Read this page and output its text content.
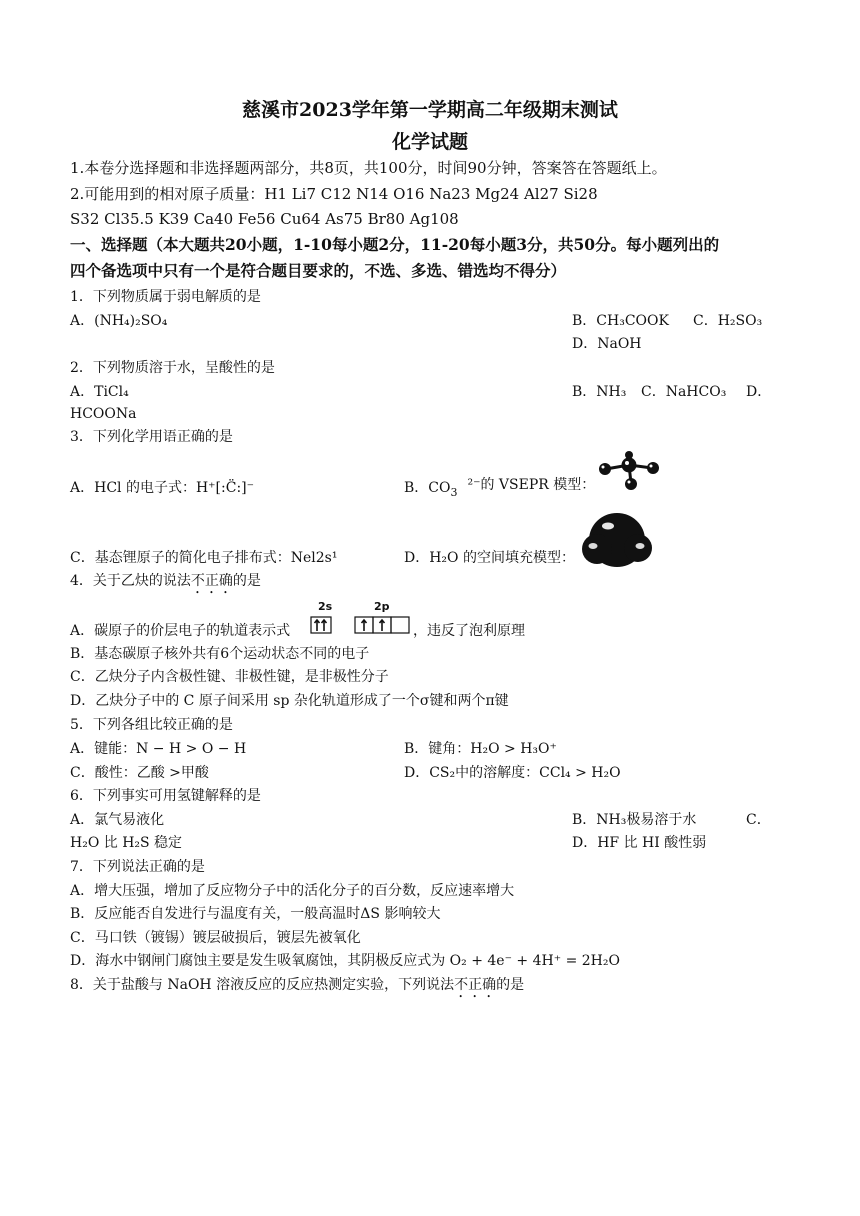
慈溪市2023学年第一学期高二年级期末测试
化学试题
1.本卷分选择题和非选择题两部分，共8页，共100分，时间90分钟，答案答在答题纸上。
2.可能用到的相对原子质量：H1 Li7 C12 N14 O16 Na23 Mg24 Al27 Si28
S32 Cl35.5 K39 Ca40 Fe56 Cu64 As75 Br80 Ag108
一、选择题（本大题共20小题，1-10每小题2分，11-20每小题3分，共50分。每小题列出的
四个备选项中只有一个是符合题目要求的，不选、多选、错选均不得分）
1．下列物质属于弱电解质的是
A．(NH₄)₂SO₄	B．CH₃COOK C．H₂SO₃
D．NaOH
2．下列物质溶于水，呈酸性的是
A．TiCl₄	B．NH₃ C．NaHCO₃ D．
HCOONa
3．下列化学用语正确的是
A．HCl 的电子式：H⁺[:C̈:]⁻	B．$CO_3$ ²⁻的 VSEPR 模型：
C．基态锂原子的简化电子排布式：Nel2s¹	D．H₂O 的空间填充模型：
4．关于乙炔的说法不正确的是
A．碳原子的价层电子的轨道表示式
2s	2p
，违反了泡利原理
B．基态碳原子核外共有6个运动状态不同的电子
C．乙炔分子内含极性键、非极性键，是非极性分子
D．乙炔分子中的 C 原子间采用 sp 杂化轨道形成了一个σ键和两个π键
5．下列各组比较正确的是
A．键能：N − H > O − H	B．键角：H₂O > H₃O⁺
C．酸性：乙酸 >甲酸	D．CS₂中的溶解度：CCl₄ > H₂O
6．下列事实可用氢键解释的是
A．氯气易液化	B．NH₃极易溶于水	C．
H₂O 比 H₂S 稳定	D．HF 比 HI 酸性弱
7．下列说法正确的是
A．增大压强，增加了反应物分子中的活化分子的百分数，反应速率增大
B．反应能否自发进行与温度有关，一般高温时ΔS 影响较大
C．马口铁（镀锡）镀层破损后，镀层先被氧化
D．海水中钢闸门腐蚀主要是发生吸氧腐蚀，其阴极反应式为 O₂ + 4e⁻ + 4H⁺ = 2H₂O
8．关于盐酸与 NaOH 溶液反应的反应热测定实验，下列说法不正确的是
